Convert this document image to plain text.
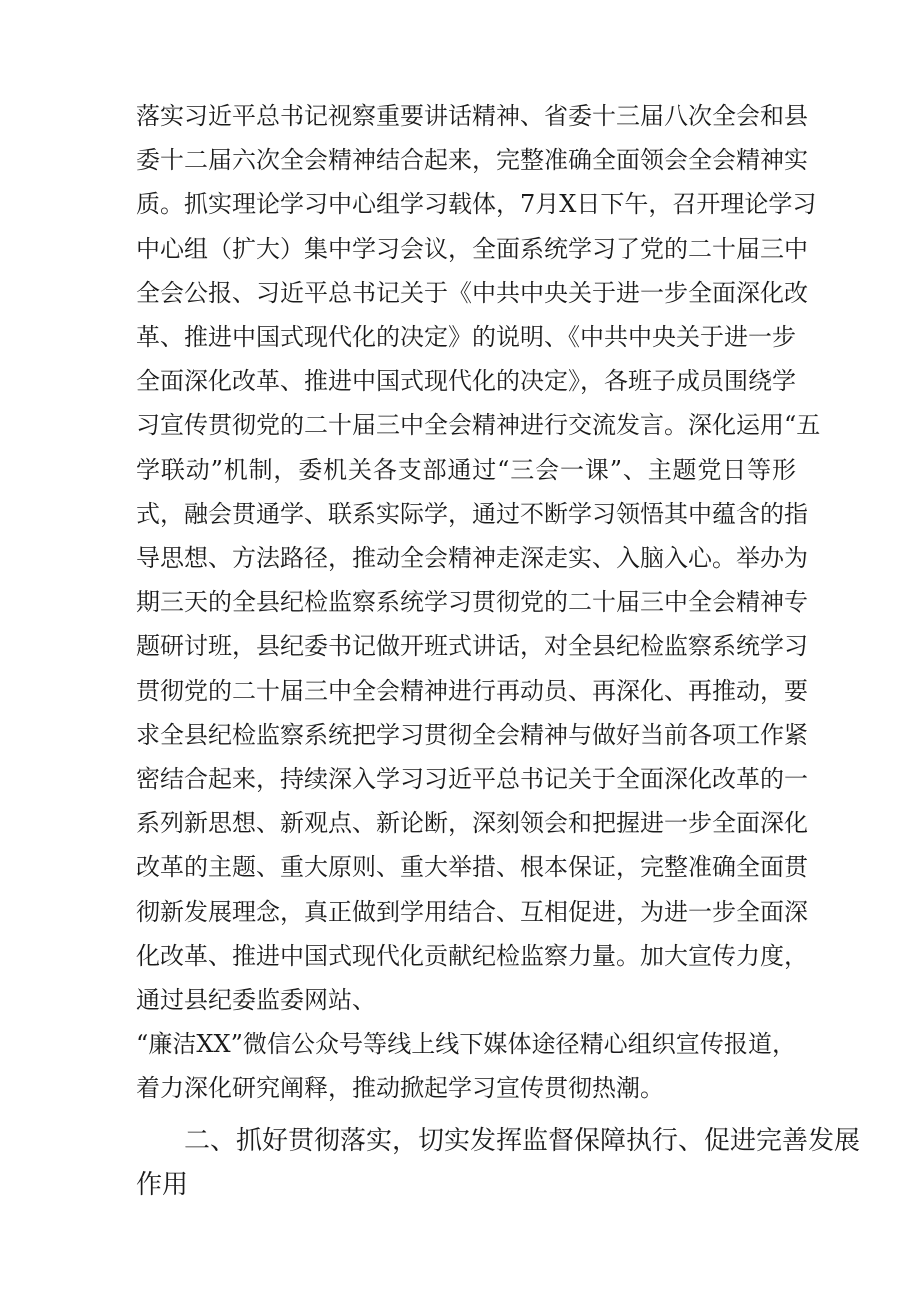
落实习近平总书记视察重要讲话精神、省委十三届八次全会和县
委十二届六次全会精神结合起来，完整准确全面领会全会精神实
质。抓实理论学习中心组学习载体，7月X日下午，召开理论学习
中心组（扩大）集中学习会议，全面系统学习了党的二十届三中
全会公报、习近平总书记关于《中共中央关于进一步全面深化改
革、推进中国式现代化的决定》的说明、《中共中央关于进一步
全面深化改革、推进中国式现代化的决定》，各班子成员围绕学
习宣传贯彻党的二十届三中全会精神进行交流发言。深化运用“五
学联动”机制，委机关各支部通过“三会一课”、主题党日等形
式，融会贯通学、联系实际学，通过不断学习领悟其中蕴含的指
导思想、方法路径，推动全会精神走深走实、入脑入心。举办为
期三天的全县纪检监察系统学习贯彻党的二十届三中全会精神专
题研讨班，县纪委书记做开班式讲话，对全县纪检监察系统学习
贯彻党的二十届三中全会精神进行再动员、再深化、再推动，要
求全县纪检监察系统把学习贯彻全会精神与做好当前各项工作紧
密结合起来，持续深入学习习近平总书记关于全面深化改革的一
系列新思想、新观点、新论断，深刻领会和把握进一步全面深化
改革的主题、重大原则、重大举措、根本保证，完整准确全面贯
彻新发展理念，真正做到学用结合、互相促进，为进一步全面深
化改革、推进中国式现代化贡献纪检监察力量。加大宣传力度，
通过县纪委监委网站、
“廉洁XX”微信公众号等线上线下媒体途径精心组织宣传报道，
着力深化研究阐释，推动掀起学习宣传贯彻热潮。
二、抓好贯彻落实，切实发挥监督保障执行、促进完善发展
作用
